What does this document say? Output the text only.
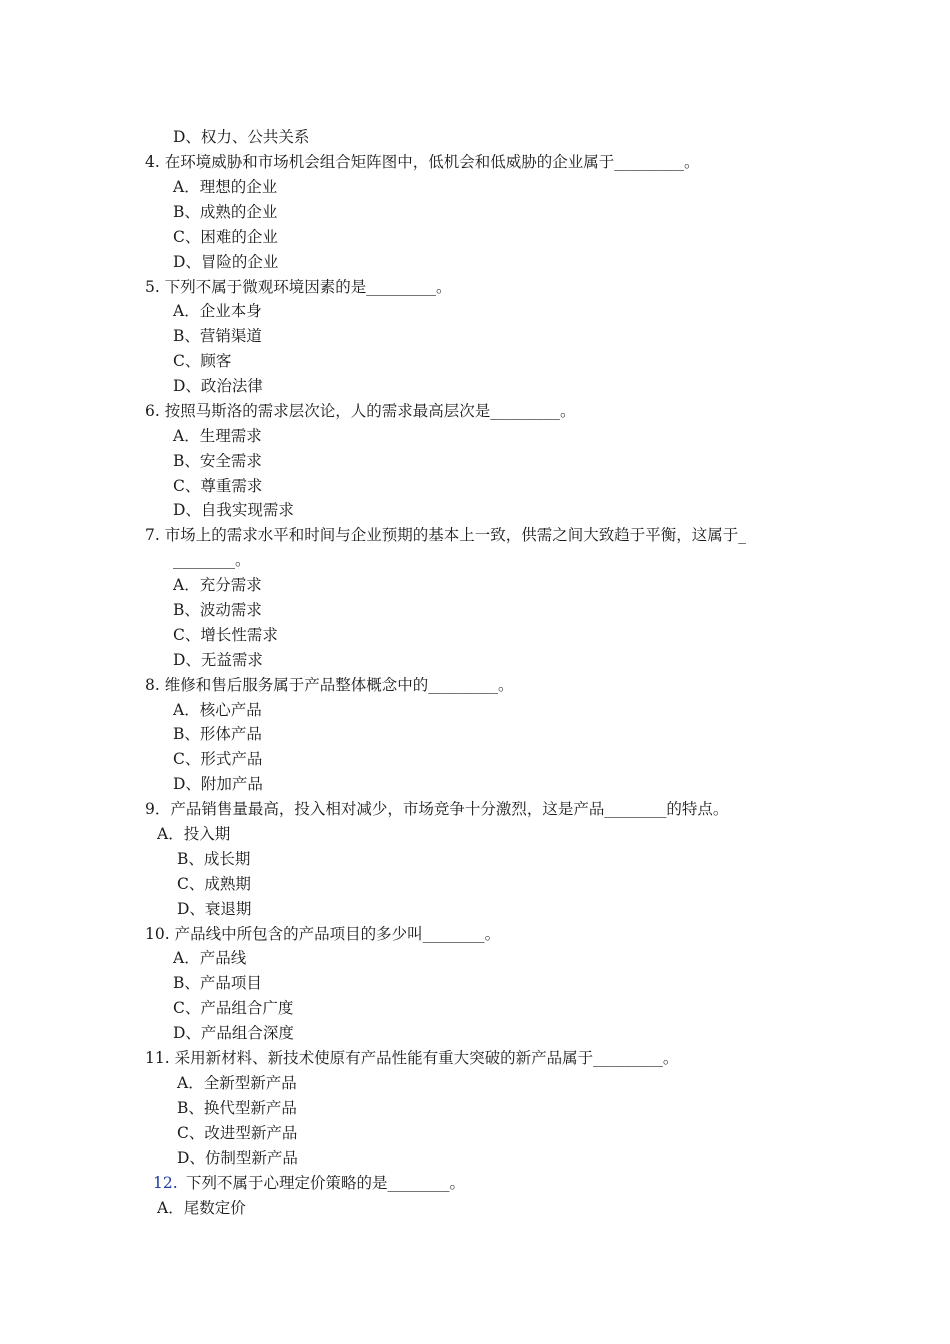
D、权力、公共关系
4. 在环境威胁和市场机会组合矩阵图中，低机会和低威胁的企业属于_________。
A．理想的企业
B、成熟的企业
C、困难的企业
D、冒险的企业
5. 下列不属于微观环境因素的是_________。
A．企业本身
B、营销渠道
C、顾客
D、政治法律
6. 按照马斯洛的需求层次论，人的需求最高层次是_________。
A．生理需求
B、安全需求
C、尊重需求
D、自我实现需求
7. 市场上的需求水平和时间与企业预期的基本上一致，供需之间大致趋于平衡，这属于_
________。
A．充分需求
B、波动需求
C、增长性需求
D、无益需求
8. 维修和售后服务属于产品整体概念中的_________。
A．核心产品
B、形体产品
C、形式产品
D、附加产品
9．产品销售量最高，投入相对减少，市场竞争十分激烈，这是产品________的特点。
A．投入期
B、成长期
C、成熟期
D、衰退期
10. 产品线中所包含的产品项目的多少叫________。
A．产品线
B、产品项目
C、产品组合广度
D、产品组合深度
11. 采用新材料、新技术使原有产品性能有重大突破的新产品属于_________。
A．全新型新产品
B、换代型新产品
C、改进型新产品
D、仿制型新产品
12. 下列不属于心理定价策略的是________。
A．尾数定价
